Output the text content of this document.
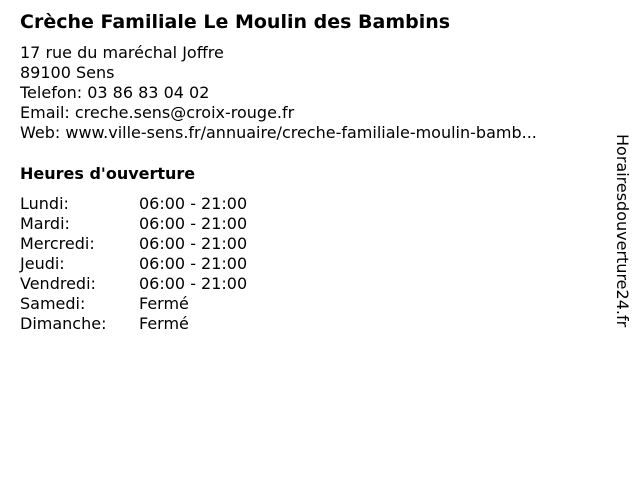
Crèche Familiale Le Moulin des Bambins
17 rue du maréchal Joffre
89100 Sens
Telefon: 03 86 83 04 02
Email: creche.sens@croix-rouge.fr
Web: www.ville-sens.fr/annuaire/creche-familiale-moulin-bamb...
Heures d'ouverture
Lundi:	06:00 - 21:00
Mardi:	06:00 - 21:00
Mercredi:	06:00 - 21:00
Jeudi:	06:00 - 21:00
Vendredi:	06:00 - 21:00
Samedi:	Fermé
Dimanche:	Fermé	Horairesdouverture24.fr
